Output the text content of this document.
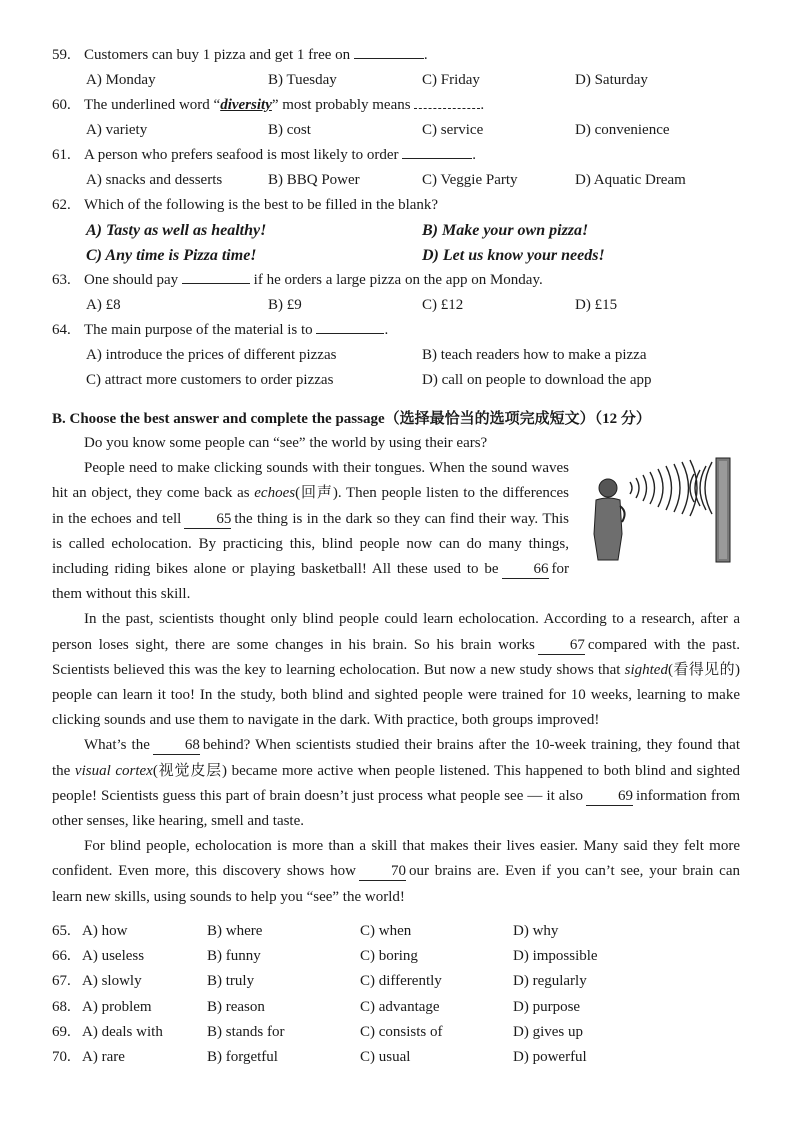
59. Customers can buy 1 pizza and get 1 free on	.
A) Monday	B) Tuesday	C) Friday	D) Saturday
60. The underlined word “diversity” most probably means	.
A) variety	B) cost	C) service	D) convenience
61. A person who prefers seafood is most likely to order	.
A) snacks and desserts	B) BBQ Power	C) Veggie Party	D) Aquatic Dream
62. Which of the following is the best to be filled in the blank?
A) Tasty as well as healthy!	B) Make your own pizza!
C) Any time is Pizza time!	D) Let us know your needs!
63. One should pay	if he orders a large pizza on the app on Monday.
A) £8	B) £9	C) £12	D) £15
64. The main purpose of the material is to	.
A) introduce the prices of different pizzas	B) teach readers how to make a pizza
C) attract more customers to order pizzas	D) call on people to download the app
B. Choose the best answer and complete the passage（选择最恰当的选项完成短文）（12 分）

Do you know some people can “see” the world by using their ears?

People need to make clicking sounds with their tongues. When the sound waves hit an object, they come back as echoes(回声). Then people listen to the differences in the echoes and tell 65 the thing is in the dark so they can find their way. This is called echolocation. By practicing this, blind people now can do many things, including riding bikes alone or playing basketball! All these used to be 66 for them without this skill.

In the past, scientists thought only blind people could learn echolocation. According to a research, after a person loses sight, there are some changes in his brain. So his brain works 67 compared with the past. Scientists believed this was the key to learning echolocation. But now a new study shows that sighted(看得见的) people can learn it too! In the study, both blind and sighted people were trained for 10 weeks, learning to make clicking sounds and use them to navigate in the dark. With practice, both groups improved!

What’s the 68 behind? When scientists studied their brains after the 10-week training, they found that the visual cortex(视觉皮层) became more active when people listened. This happened to both blind and sighted people! Scientists guess this part of brain doesn’t just process what people see — it also 69 information from other senses, like hearing, smell and taste.

For blind people, echolocation is more than a skill that makes their lives easier. Many said they felt more confident. Even more, this discovery shows how 70 our brains are. Even if you can’t see, your brain can learn new skills, using sounds to help you “see” the world!

65. A) how	B) where	C) when	D) why
66. A) useless	B) funny	C) boring	D) impossible
67. A) slowly	B) truly	C) differently	D) regularly
68. A) problem	B) reason	C) advantage	D) purpose
69. A) deals with	B) stands for	C) consists of	D) gives up
70. A) rare	B) forgetful	C) usual	D) powerful
